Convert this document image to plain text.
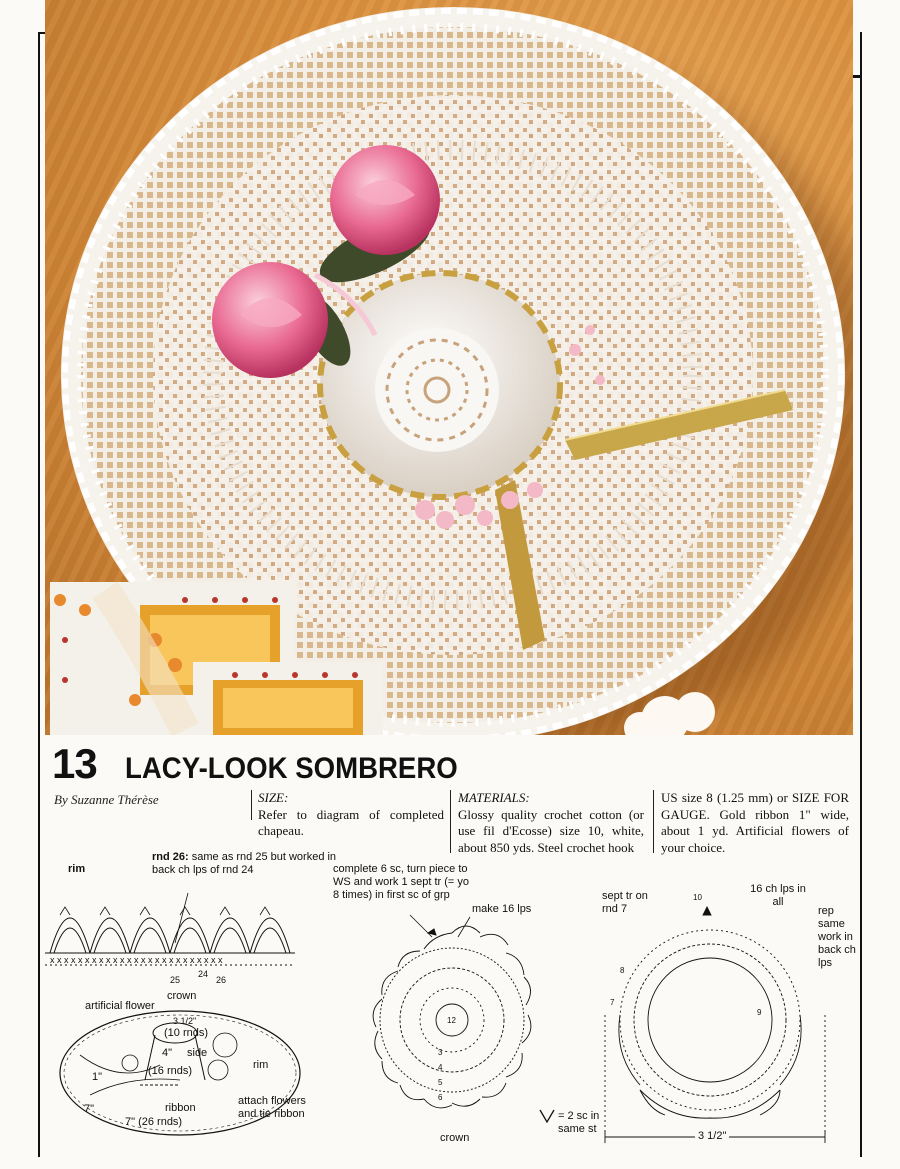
13 LACY-LOOK SOMBRERO
By Suzanne Thérèse	SIZE:
Refer to diagram of completed chapeau.
MATERIALS:
Glossy quality crochet cotton (or use fil d'Ecosse) size 10, white, about 850 yds. Steel crochet hook
US size 8 (1.25 mm) or SIZE FOR GAUGE. Gold ribbon 1" wide, about 1 yd. Artificial flowers of your choice.
rim
rnd 26: same as rnd 25 but worked in back ch lps of rnd 24
x x x x x x x x x x x x x x x x x x x x x x x x x
25
24
26
12
3
4
5
6
10
9
8
7
artificial flower
crown
3 1/2"
(10 rnds)
4" side
(16 rnds)	rim
1"
7"	ribbon
7" (26 rnds)
attach flowers and tie ribbon
complete 6 sc, turn piece to WS and work 1 sept tr (= yo 8 times) in first sc of grp
make 16 lps
crown
sept tr on rnd 7
16 ch lps in all
rep same work in back ch lps
3 1/2"
= 2 sc in same st
